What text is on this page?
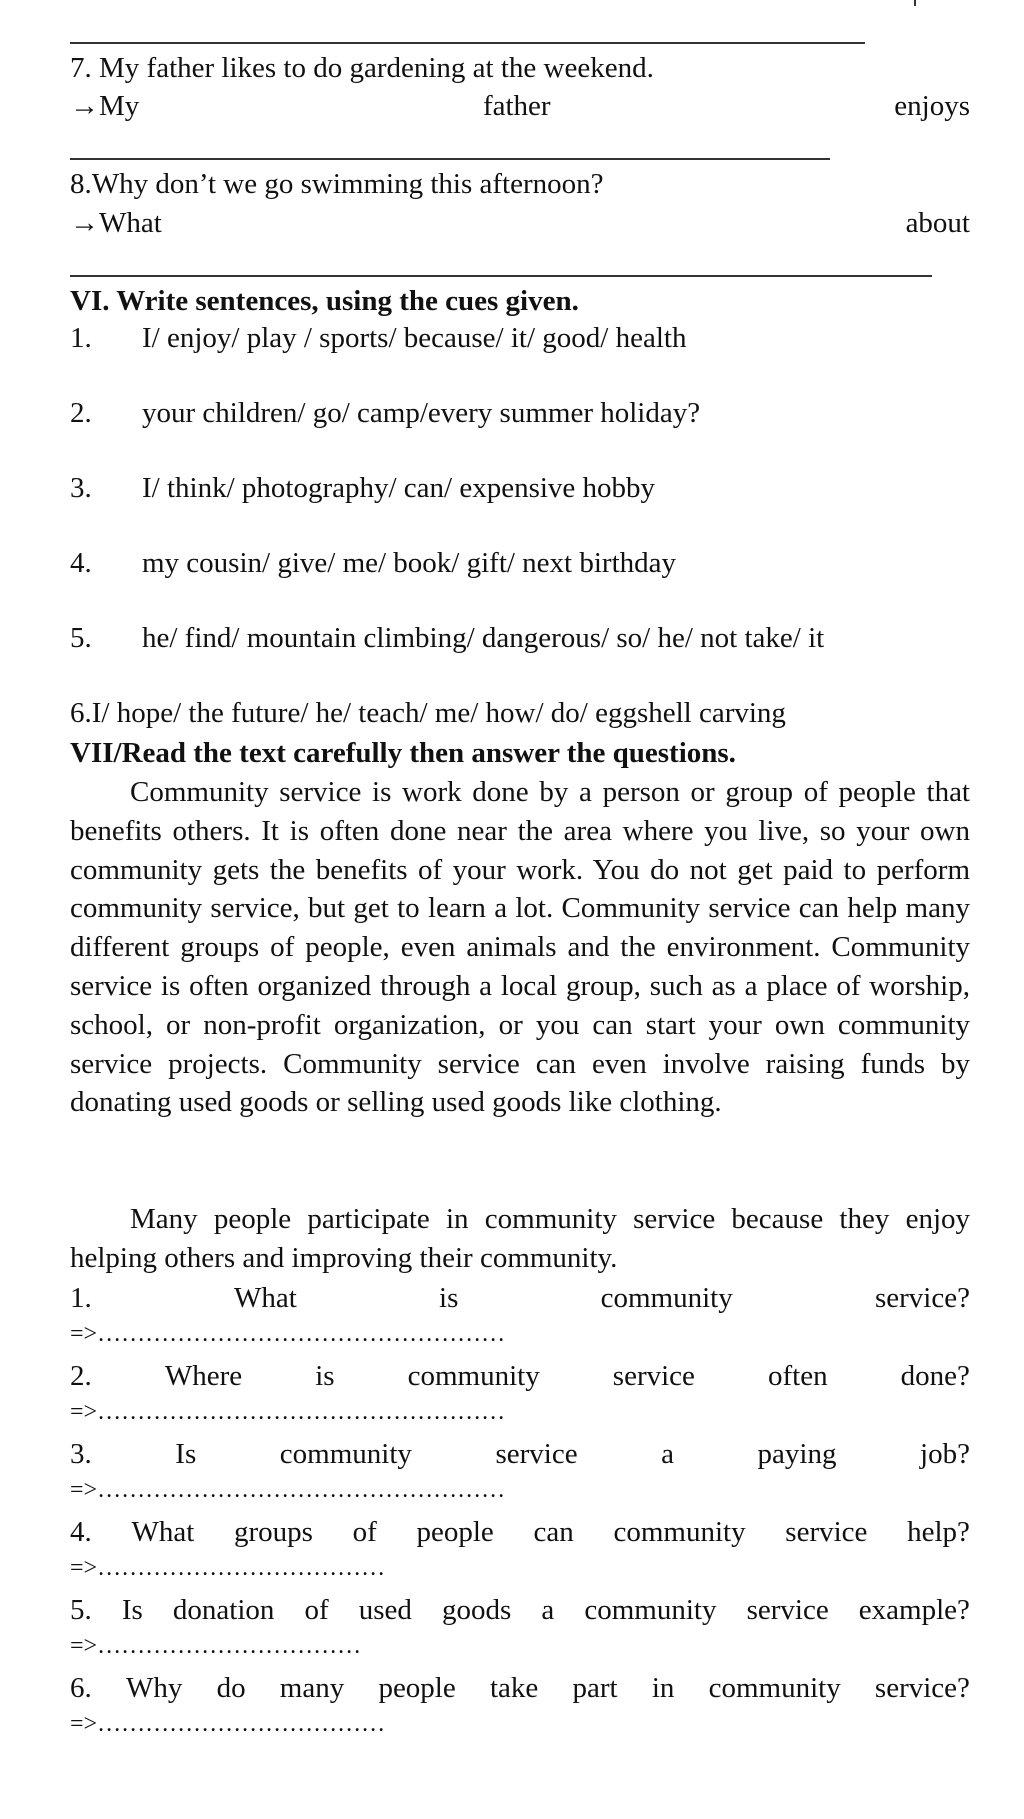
7. My father likes to do gardening at the weekend.
→My	father	enjoys
8.Why don’t we go swimming this afternoon?
→What	about
VI. Write sentences, using the cues given.
1. I/ enjoy/ play / sports/ because/ it/ good/ health
2. your children/ go/ camp/every summer holiday?
3. I/ think/ photography/ can/ expensive hobby
4. my cousin/ give/ me/ book/ gift/ next birthday
5. he/ find/ mountain climbing/ dangerous/ so/ he/ not take/ it
6.I/ hope/ the future/ he/ teach/ me/ how/ do/ eggshell carving
VII/Read the text carefully then answer the questions.
Community service is work done by a person or group of people that benefits others. It is often done near the area where you live, so your own community gets the benefits of your work. You do not get paid to perform community service, but get to learn a lot. Community service can help many different groups of people, even animals and the environment. Community service is often organized through a local group, such as a place of worship, school, or non-profit organization, or you can start your own community service projects. Community service can even involve raising funds by donating used goods or selling used goods like clothing.
Many people participate in community service because they enjoy helping others and improving their community.
1.	What	is	community	service?
=>……………………………………………
2.	Where	is	community	service	often	done?
=>……………………………………………
3.	Is	community	service	a	paying	job?
=>……………………………………………
4. What groups of people can community service help?
=>………………………………
5. Is donation of used goods a community service example?
=>……………………………
6. Why do many people take part in community service?
=>………………………………
